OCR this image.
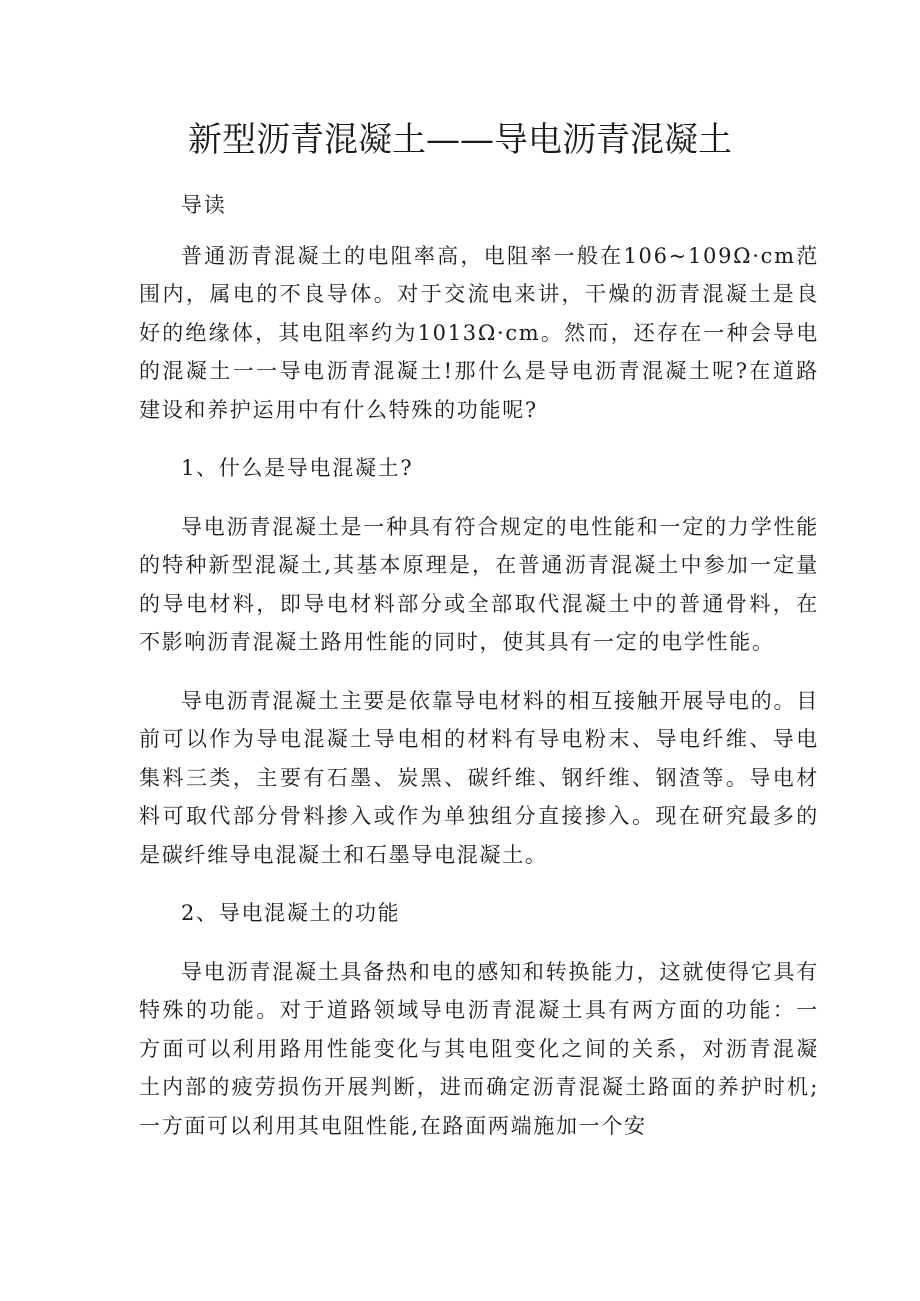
新型沥青混凝土——导电沥青混凝土

导读

普通沥青混凝土的电阻率高，电阻率一般在106~109Ω·cm范围内，属电的不良导体。对于交流电来讲，干燥的沥青混凝土是良好的绝缘体，其电阻率约为1013Ω·cm。然而，还存在一种会导电的混凝土一一导电沥青混凝土!那什么是导电沥青混凝土呢?在道路建设和养护运用中有什么特殊的功能呢?

1、什么是导电混凝土?

导电沥青混凝土是一种具有符合规定的电性能和一定的力学性能的特种新型混凝土,其基本原理是，在普通沥青混凝土中参加一定量的导电材料，即导电材料部分或全部取代混凝土中的普通骨料，在不影响沥青混凝土路用性能的同时，使其具有一定的电学性能。

导电沥青混凝土主要是依靠导电材料的相互接触开展导电的。目前可以作为导电混凝土导电相的材料有导电粉末、导电纤维、导电集料三类，主要有石墨、炭黑、碳纤维、钢纤维、钢渣等。导电材料可取代部分骨料掺入或作为单独组分直接掺入。现在研究最多的是碳纤维导电混凝土和石墨导电混凝土。

2、导电混凝土的功能

导电沥青混凝土具备热和电的感知和转换能力，这就使得它具有特殊的功能。对于道路领域导电沥青混凝土具有两方面的功能：一方面可以利用路用性能变化与其电阻变化之间的关系，对沥青混凝土内部的疲劳损伤开展判断，进而确定沥青混凝土路面的养护时机;一方面可以利用其电阻性能,在路面两端施加一个安
